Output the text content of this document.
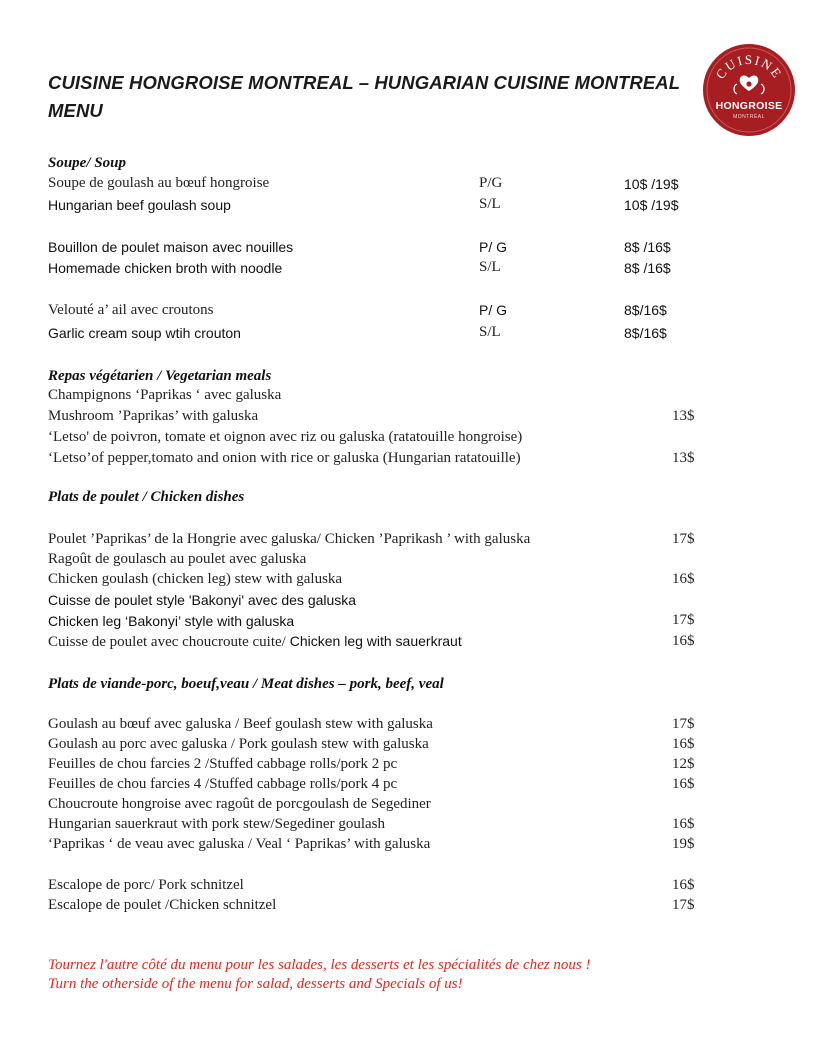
CUISINE HONGROISE MONTREAL – HUNGARIAN CUISINE MONTREAL
MENU
CUISINE
HONGROISE
MONTRÉAL
Soupe/ Soup
Soupe de goulash au bœuf hongroise	P/G	10$ /19$
Hungarian beef goulash soup	S/L	10$ /19$
Bouillon de poulet maison avec nouilles	P/ G	8$ /16$
Homemade chicken broth with noodle	S/L	8$ /16$
Velouté a’ ail avec croutons	P/ G	8$/16$
Garlic cream soup wtih crouton	S/L	8$/16$
Repas végétarien / Vegetarian meals
Champignons ‘Paprikas ‘ avec galuska
Mushroom ’Paprikas’ with galuska	13$
‘Letso' de poivron, tomate et oignon avec riz ou galuska (ratatouille hongroise)
‘Letso’of pepper,tomato and onion with rice or galuska (Hungarian ratatouille)	13$
Plats de poulet / Chicken dishes
Poulet ’Paprikas’ de la Hongrie avec galuska/ Chicken ’Paprikash ’ with galuska	17$
Ragoût de goulasch au poulet avec galuska
Chicken goulash (chicken leg) stew with galuska	16$
Cuisse de poulet style 'Bakonyi' avec des galuska
Chicken leg ‘Bakonyi’ style with galuska	17$
Cuisse de poulet avec choucroute cuite/ Chicken leg with sauerkraut	16$
Plats de viande-porc, boeuf,veau / Meat dishes – pork, beef, veal
Goulash au bœuf avec galuska / Beef goulash stew with galuska	17$
Goulash au porc avec galuska / Pork goulash stew with galuska	16$
Feuilles de chou farcies 2 /Stuffed cabbage rolls/pork 2 pc	12$
Feuilles de chou farcies 4 /Stuffed cabbage rolls/pork 4 pc	16$
Choucroute hongroise avec ragoût de porcgoulash de Segediner
Hungarian sauerkraut with pork stew/Segediner goulash	16$
‘Paprikas ‘ de veau avec galuska / Veal ‘ Paprikas’ with galuska	19$
Escalope de porc/ Pork schnitzel	16$
Escalope de poulet /Chicken schnitzel	17$
Tournez l'autre côté du menu pour les salades, les desserts et les spécialités de chez nous !
Turn the otherside of the menu for salad, desserts and Specials of us!
